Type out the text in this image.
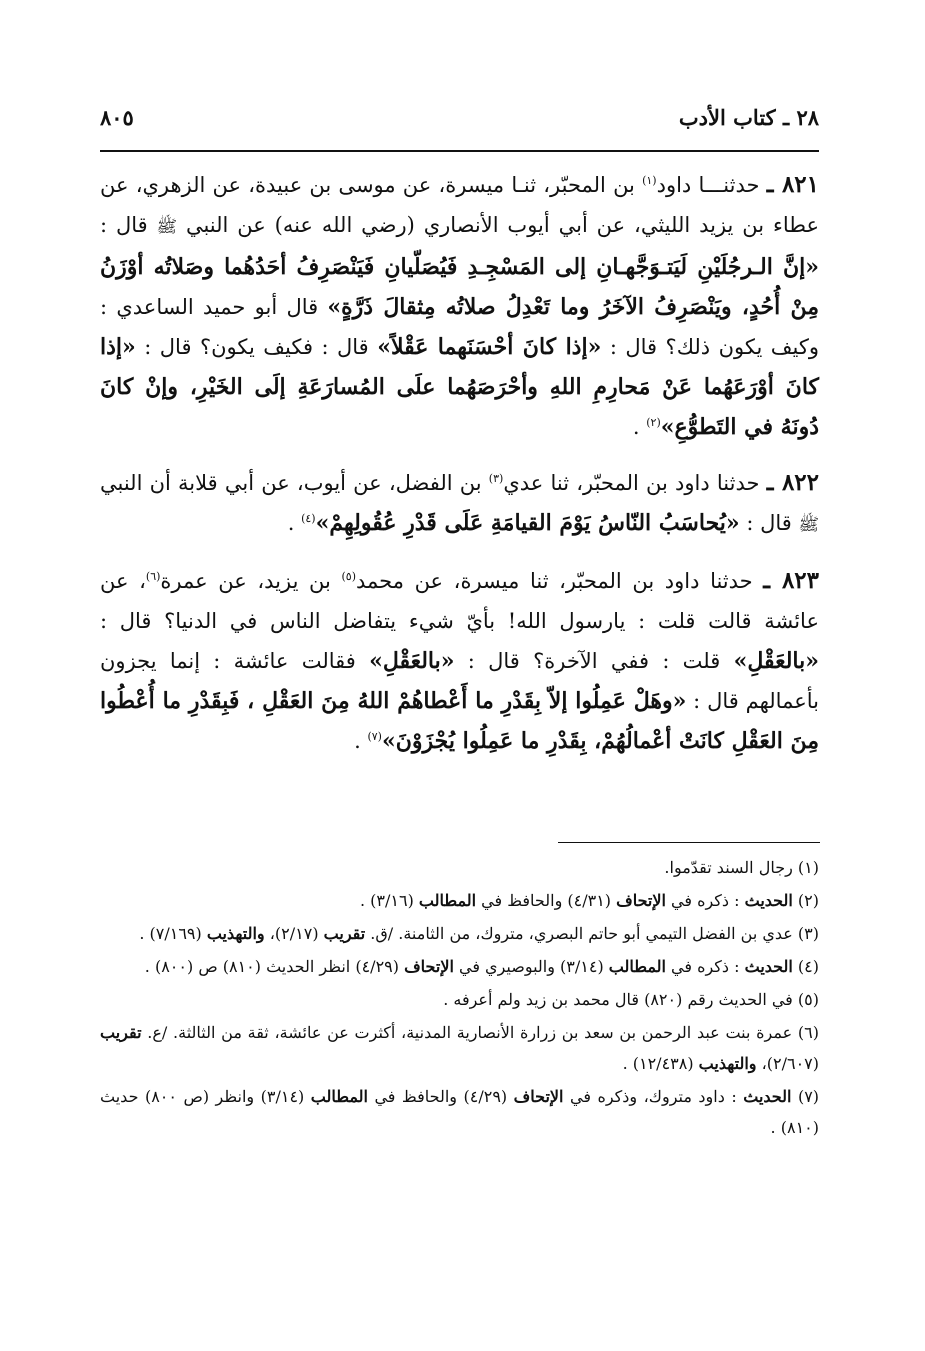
٢٨ ـ كتاب الأدب
٨٠٥

٨٢١ ـ حدثنـــا داود$^{(١)}$ بن المحبّر، ثنـا ميسرة، عن موسى بن عبيدة، عن الزهري، عن عطاء بن يزيد الليثي، عن أبي أيوب الأنصاري (رضي الله عنه) عن النبي ﷺ قال : «إنَّ الـرجُلَيْنِ لَيَتـوَجَّهـانِ إلى المَسْجِـدِ فَيُصَلّيانِ فَيَنْصَرِفُ أحَدُهُما وصَلاتُه أوْزَنُ مِنْ أُحُدٍ، ويَنْصَرِفُ الآخَرُ وما تَعْدِلُ صلاتُه مِثقالَ ذَرَّةٍ» قال أبو حميد الساعدي : وكيف يكون ذلك؟ قال : «إذا كانَ أحْسَنَهما عَقْلاً» قال : فكيف يكون؟ قال : «إذا كانَ أوْرَعَهُما عَنْ مَحارِمِ اللهِ وأحْرَصَهُما علَى المُسارَعَةِ إلَى الخَيْرِ، وإنْ كانَ دُونَهُ في التَطوُّعِ»$^{(٢)}$ .

٨٢٢ ـ حدثنا داود بن المحبّر، ثنا عدي$^{(٣)}$ بن الفضل، عن أيوب، عن أبي قلابة أن النبي ﷺ قال : «يُحاسَبُ النّاسُ يَوْمَ القيامَةِ عَلَى قَدْرِ عُقُولِهِمْ»$^{(٤)}$ .

٨٢٣ ـ حدثنا داود بن المحبّر، ثنا ميسرة، عن محمد$^{(٥)}$ بن يزيد، عن عمرة$^{(٦)}$، عن عائشة قالت قلت : يارسول الله! بأيّ شيء يتفاضل الناس في الدنيا؟ قال : «بالعَقْلِ» قلت : ففي الآخرة؟ قال : «بالعَقْلِ» فقالت عائشة : إنما يجزون بأعمالهم قال : «وهَلْ عَمِلُوا إلاّ بِقَدْرِ ما أَعْطاهُمْ اللهُ مِنَ العَقْلِ ، فَبِقَدْرِ ما أُعْطُوا مِنَ العَقْلِ كانَتْ أعْمالُهُمْ، بِقَدْرِ ما عَمِلُوا يُجْزَوْنَ»$^{(٧)}$ .

(١) رجال السند تقدّموا.

(٢) الحديث : ذكره في الإتحاف (٤/٣١) والحافظ في المطالب (٣/١٦) .

(٣) عدي بن الفضل التيمي أبو حاتم البصري، متروك، من الثامنة. /ق. تقريب (٢/١٧)، والتهذيب (٧/١٦٩) .

(٤) الحديث : ذكره في المطالب (٣/١٤) والبوصيري في الإتحاف (٤/٢٩) انظر الحديث (٨١٠) ص (٨٠٠) .

(٥) في الحديث رقم (٨٢٠) قال محمد بن زيد ولم أعرفه .

(٦) عمرة بنت عبد الرحمن بن سعد بن زرارة الأنصارية المدنية، أكثرت عن عائشة، ثقة من الثالثة. /ع. تقريب (٢/٦٠٧)، والتهذيب (١٢/٤٣٨) .

(٧) الحديث : داود متروك، وذكره في الإتحاف (٤/٢٩) والحافظ في المطالب (٣/١٤) وانظر (ص ٨٠٠) حديث (٨١٠) .
